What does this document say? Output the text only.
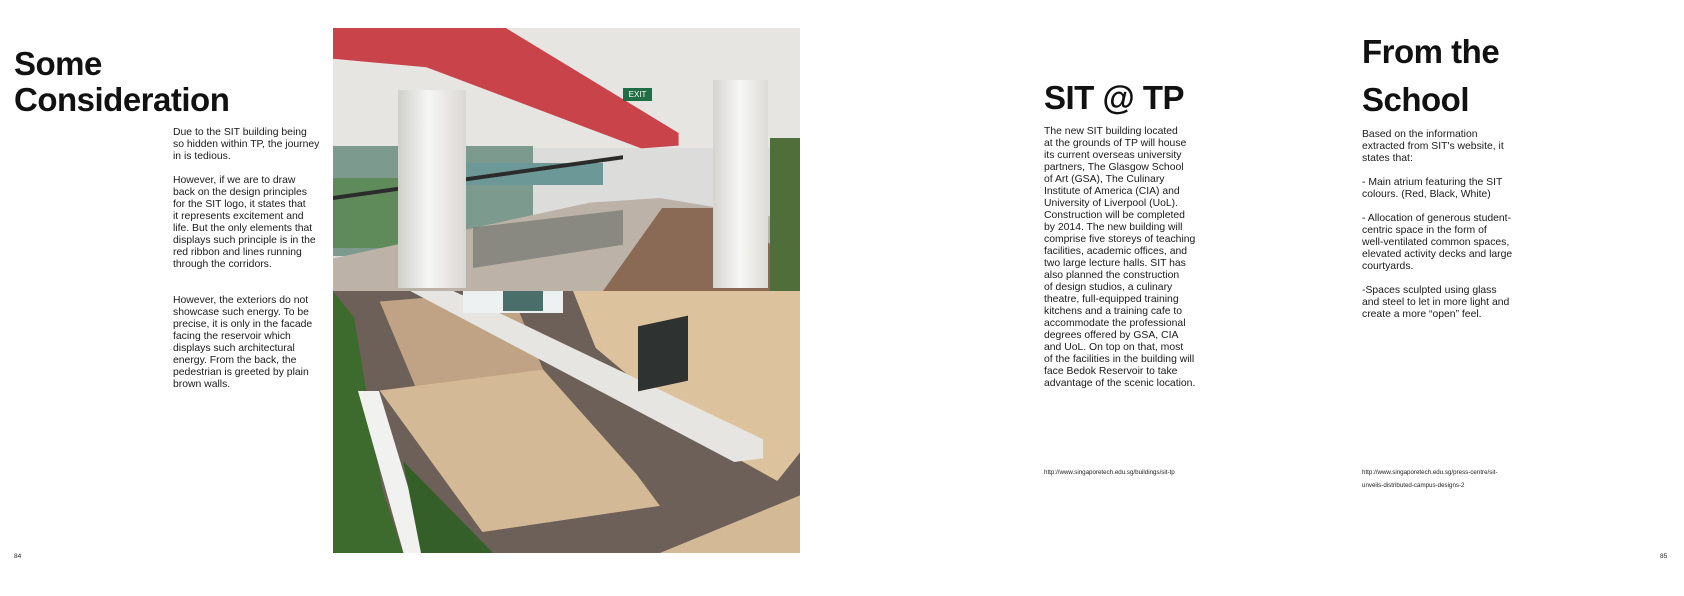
Some

Consideration

Due to the SIT building being

so hidden within TP, the journey

in is tedious.

However, if we are to draw

back on the design principles

for the SIT logo, it states that

it represents excitement and

life. But the only elements that

displays such principle is in the

red ribbon and lines running

through the corridors.

However, the exteriors do not

showcase such energy. To be

precise, it is only in the facade

facing the reservoir which

displays such architectural

energy. From the back, the

pedestrian is greeted by plain

brown walls.

EXIT
84

SIT @ TP

The new SIT building located

at the grounds of TP will house

its current overseas university

partners, The Glasgow School

of Art (GSA), The Culinary

Institute of America (CIA) and

University of Liverpool (UoL).

Construction will be completed

by 2014. The new building will

comprise five storeys of teaching

facilities, academic offices, and

two large lecture halls. SIT has

also planned the construction

of design studios, a culinary

theatre, full-equipped training

kitchens and a training cafe to

accommodate the professional

degrees offered by GSA, CIA

and UoL. On top on that, most

of the facilities in the building will

face Bedok Reservoir to take

advantage of the scenic location.

http://www.singaporetech.edu.sg/buildings/sit-tp

From the

School

Based on the information

extracted from SIT's website, it

states that:

- Main atrium featuring the SIT

colours. (Red, Black, White)

- Allocation of generous student-

centric space in the form of

well-ventilated common spaces,

elevated activity decks and large

courtyards.

-Spaces sculpted using glass

and steel to let in more light and

create a more “open” feel.

http://www.singaporetech.edu.sg/press-centre/sit-

unveils-distributed-campus-designs-2

85
